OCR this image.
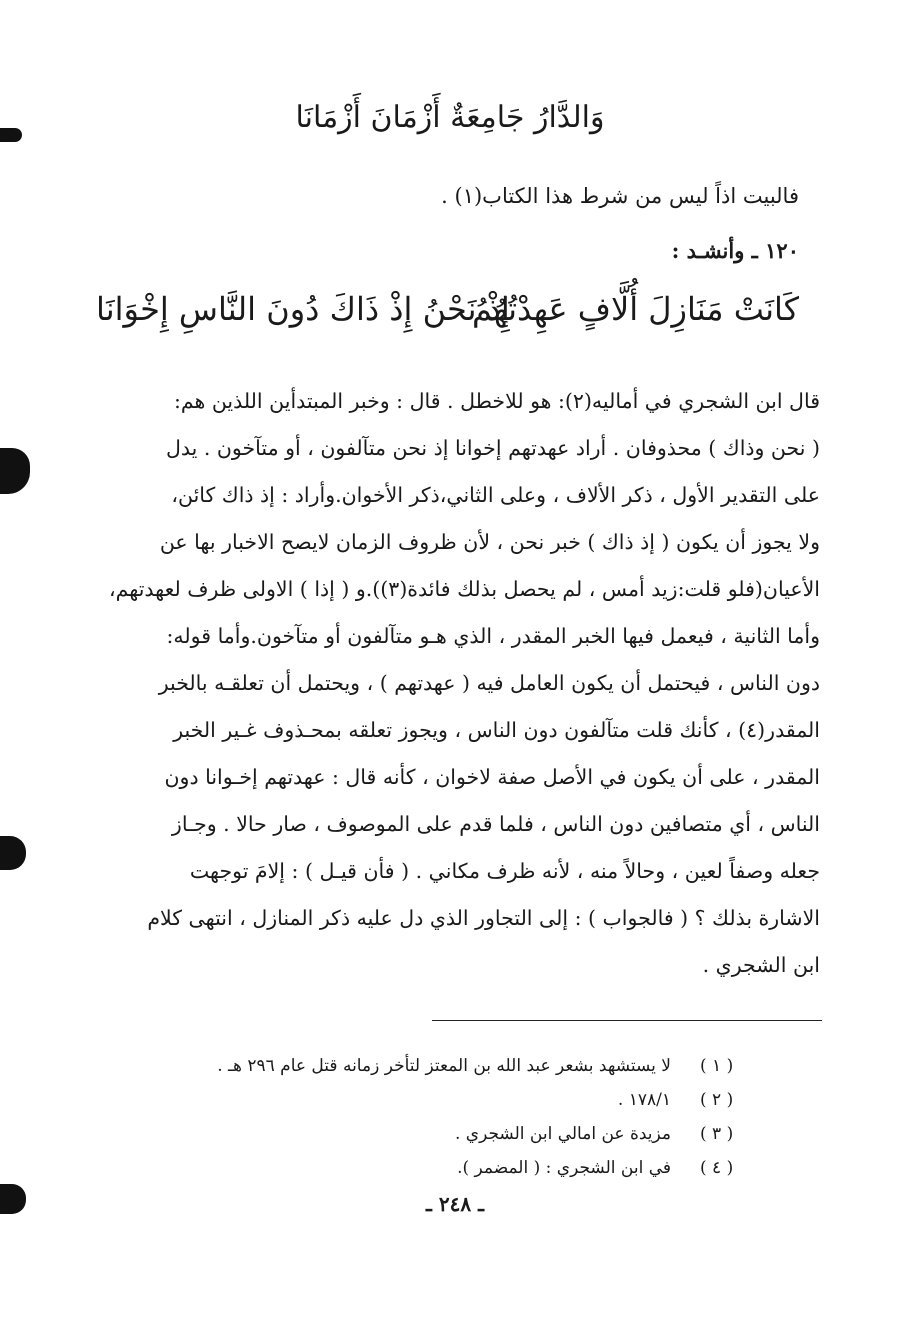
وَالدَّارُ جَامِعَةٌ أَزْمَانَ أَزْمَانَا
فالبيت اذاً ليس من شرط هذا الكتاب(١) .
١٢٠ ـ وأنشـد :
كَانَتْ مَنَازِلَ أُلَّافٍ عَهِدْتُهُمُ
إِذْ نَحْنُ إِذْ ذَاكَ دُونَ النَّاسِ إِخْوَانَا

قال ابن الشجري في أماليه(٢): هو للاخطل . قال : وخبر المبتدأين اللذين هم:

( نحن وذاك ) محذوفان . أراد عهدتهم إخوانا إذ نحن متآلفون ، أو متآخون . يدل

على التقدير الأول ، ذكر الألاف ، وعلى الثاني،ذكر الأخوان.وأراد : إذ ذاك كائن،

ولا يجوز أن يكون ( إذ ذاك ) خبر نحن ، لأن ظروف الزمان لايصح الاخبار بها عن

الأعيان(فلو قلت:زيد أمس ، لم يحصل بذلك فائدة(٣)).و ( إذا ) الاولى ظرف لعهدتهم،

وأما الثانية ، فيعمل فيها الخبر المقدر ، الذي هـو متآلفون أو متآخون.وأما قوله:

دون الناس ، فيحتمل أن يكون العامل فيه ( عهدتهم ) ، ويحتمل أن تعلقـه بالخبر

المقدر(٤) ، كأنك قلت متآلفون دون الناس ، ويجوز تعلقه بمحـذوف غـير الخبر

المقدر ، على أن يكون في الأصل صفة لاخوان ، كأنه قال : عهدتهم إخـوانا دون

الناس ، أي متصافين دون الناس ، فلما قدم على الموصوف ، صار حالا . وجـاز

جعله وصفاً لعين ، وحالاً منه ، لأنه ظرف مكاني . ( فأن قيـل ) : إلامَ توجهت

الاشارة بذلك ؟ ( فالجواب ) : إلى التجاور الذي دل عليه ذكر المنازل ، انتهى كلام

ابن الشجري .

( ١ )
لا يستشهد بشعر عبد الله بن المعتز لتأخر زمانه قتل عام ٢٩٦ هـ .
( ٢ )
١٧٨/١ .
( ٣ )
مزيدة عن امالي ابن الشجري .
( ٤ )
في ابن الشجري : ( المضمر ).
ـ ٢٤٨ ـ
